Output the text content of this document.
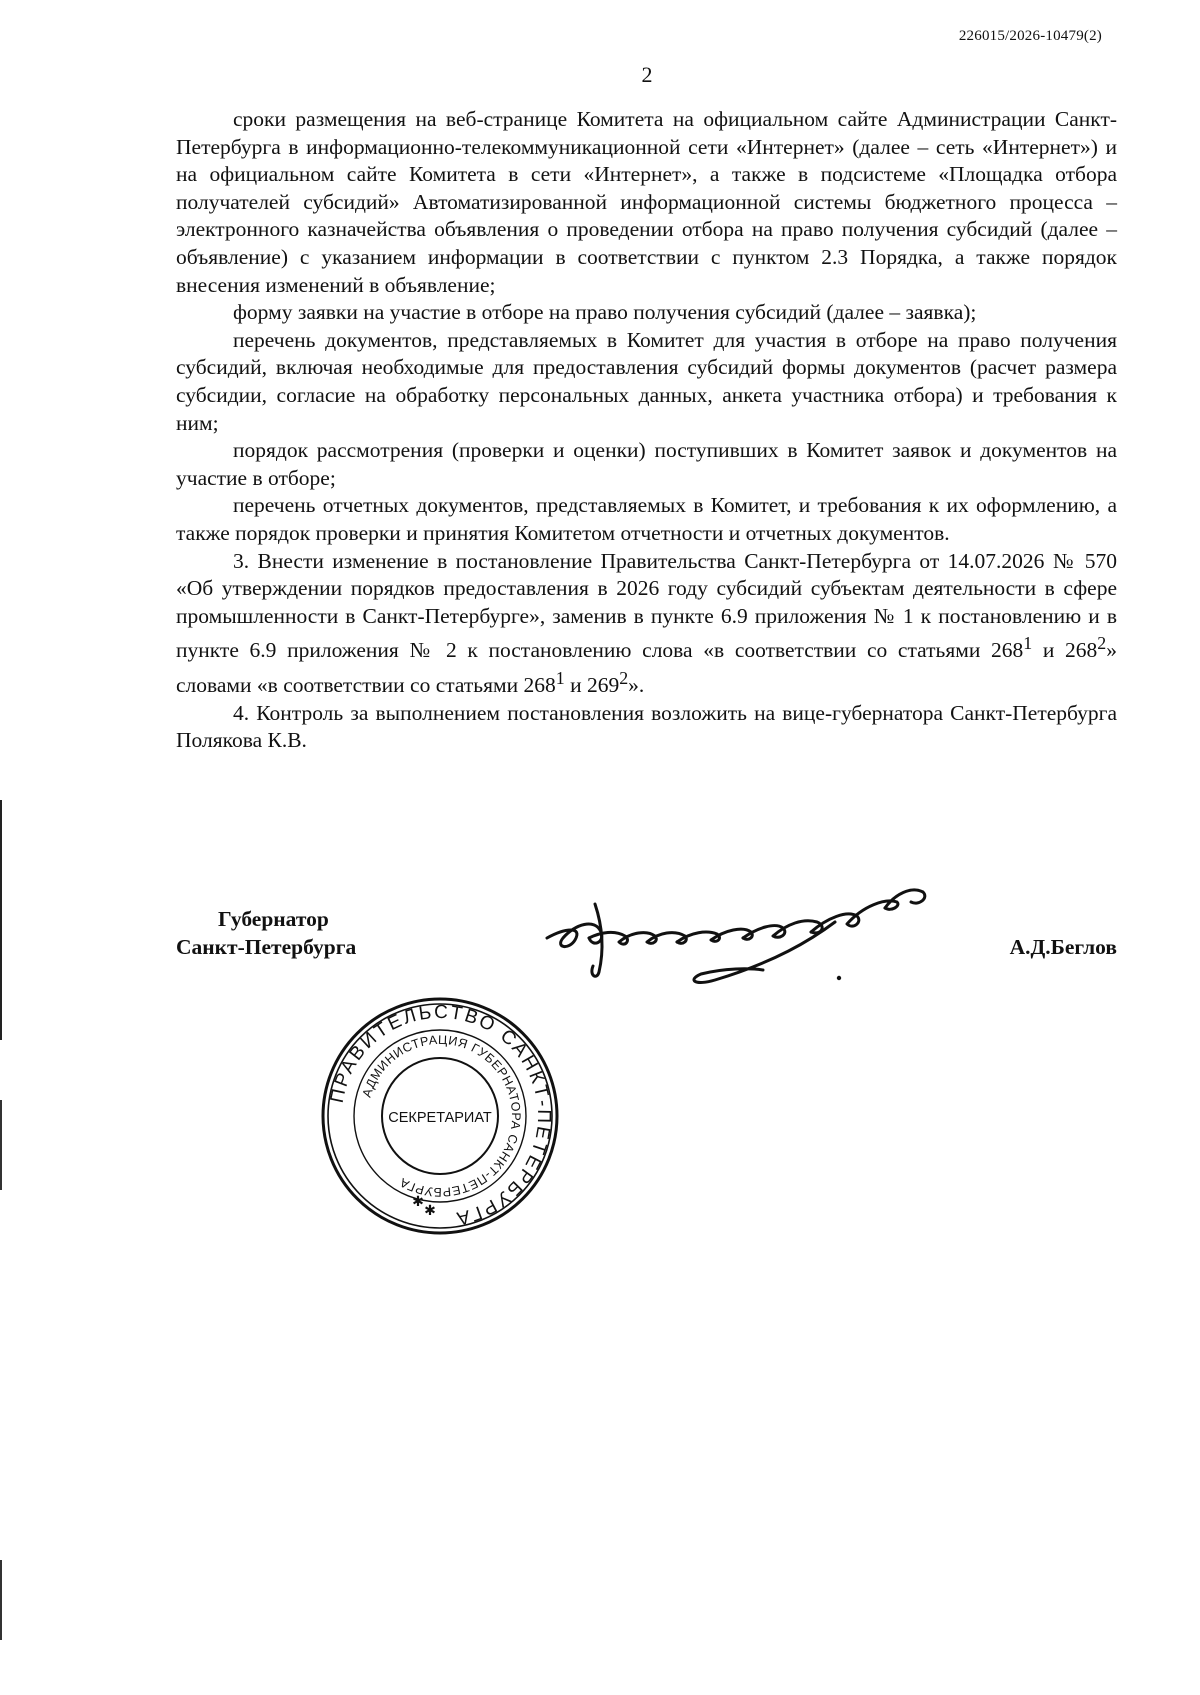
226015/2026-10479(2)
2

сроки размещения на веб-странице Комитета на официальном сайте Администрации Санкт-Петербурга в информационно-телекоммуникационной сети «Интернет» (далее – сеть «Интернет») и на официальном сайте Комитета в сети «Интернет», а также в подсистеме «Площадка отбора получателей субсидий» Автоматизированной информационной системы бюджетного процесса – электронного казначейства объявления о проведении отбора на право получения субсидий (далее – объявление) с указанием информации в соответствии с пунктом 2.3 Порядка, а также порядок внесения изменений в объявление;

форму заявки на участие в отборе на право получения субсидий (далее – заявка);

перечень документов, представляемых в Комитет для участия в отборе на право получения субсидий, включая необходимые для предоставления субсидий формы документов (расчет размера субсидии, согласие на обработку персональных данных, анкета участника отбора) и требования к ним;

порядок рассмотрения (проверки и оценки) поступивших в Комитет заявок и документов на участие в отборе;

перечень отчетных документов, представляемых в Комитет, и требования к их оформлению, а также порядок проверки и принятия Комитетом отчетности и отчетных документов.

3. Внести изменение в постановление Правительства Санкт-Петербурга от 14.07.2026 № 570 «Об утверждении порядков предоставления в 2026 году субсидий субъектам деятельности в сфере промышленности в Санкт-Петербурге», заменив в пункте 6.9 приложения № 1 к постановлению и в пункте 6.9 приложения № 2 к постановлению слова «в соответствии со статьями $268^1$ и $268^2$» словами «в соответствии со статьями $268^1$ и $269^2$».

4. Контроль за выполнением постановления возложить на вице-губернатора Санкт-Петербурга Полякова К.В.

Губернатор
Санкт-Петербурга	А.Д.Беглов
ПРАВИТЕЛЬСТВО САНКТ-ПЕТЕРБУРГА
АДМИНИСТРАЦИЯ ГУБЕРНАТОРА САНКТ-ПЕТЕРБУРГА
СЕКРЕТАРИАТ
✱
✱
